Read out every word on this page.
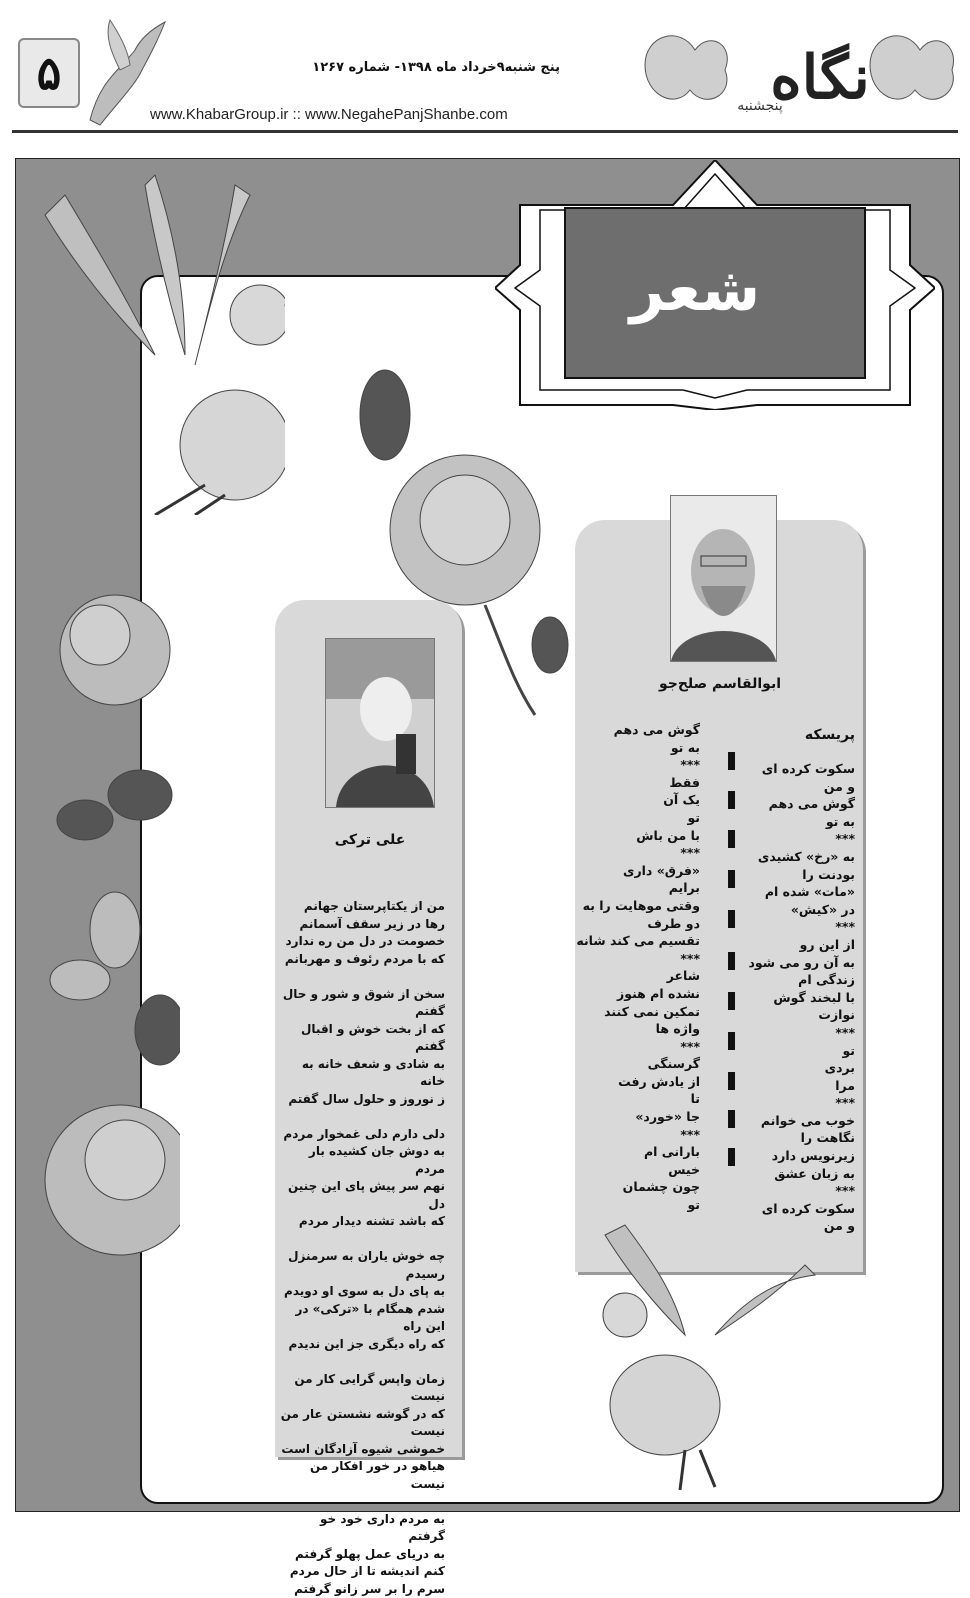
۵	پنج شنبه۹خرداد ماه ۱۳۹۸- شماره ۱۲۶۷
www.KhabarGroup.ir :: www.NegahePanjShanbe.com
نگاه
پنجشنبه
شعر
ابوالقاسم صلح‌جو
پریسکه
سکوت کرده ای
و من
گوش می دهم
به تو
***
به «رخ» کشیدی
بودنت را
«مات» شده ام
در «کیش»
***
از این رو
به آن رو می شود
زندگی ام
با لبخند گوش نوازت
***
تو
بردی
مرا
***
خوب می خوانم
نگاهت را
زیرنویس دارد
به زبان عشق
***
سکوت کرده ای
و من
گوش می دهم
به تو
***
فقط
یک آن
تو
با من باش
***
«فرق» داری
برایم
وقتی موهایت را به دو طرف
تقسیم می کند شانه
***
شاعر
نشده ام هنوز
تمکین نمی کنند
واژه ها
***
گرسنگی
از یادش رفت
تا
جا «خورد»
***
بارانی ام
خیس
چون چشمان
تو
علی ترکی
من از یکتاپرستان جهانم
رها در زیر سقف آسمانم
خصومت در دل من ره ندارد
که با مردم رئوف و مهربانم

سخن از شوق و شور و حال گفتم
که از بخت خوش و اقبال گفتم
به شادی و شعف خانه به خانه
ز نوروز و حلول سال گفتم

دلی دارم دلی غمخوار مردم
به دوش جان کشیده بار مردم
نهم سر پیش پای این چنین دل
که باشد تشنه دیدار مردم

چه خوش یاران به سرمنزل رسیدم
به پای دل به سوی او دویدم
شدم همگام با «ترکی» در این راه
که راه دیگری جز این ندیدم

زمان واپس گرایی کار من نیست
که در گوشه نشستن عار من نیست
خموشی شیوه آزادگان است
هیاهو در خور افکار من نیست

به مردم داری خود خو گرفتم
به دریای عمل پهلو گرفتم
کنم اندیشه تا از حال مردم
سرم را بر سر زانو گرفتم
